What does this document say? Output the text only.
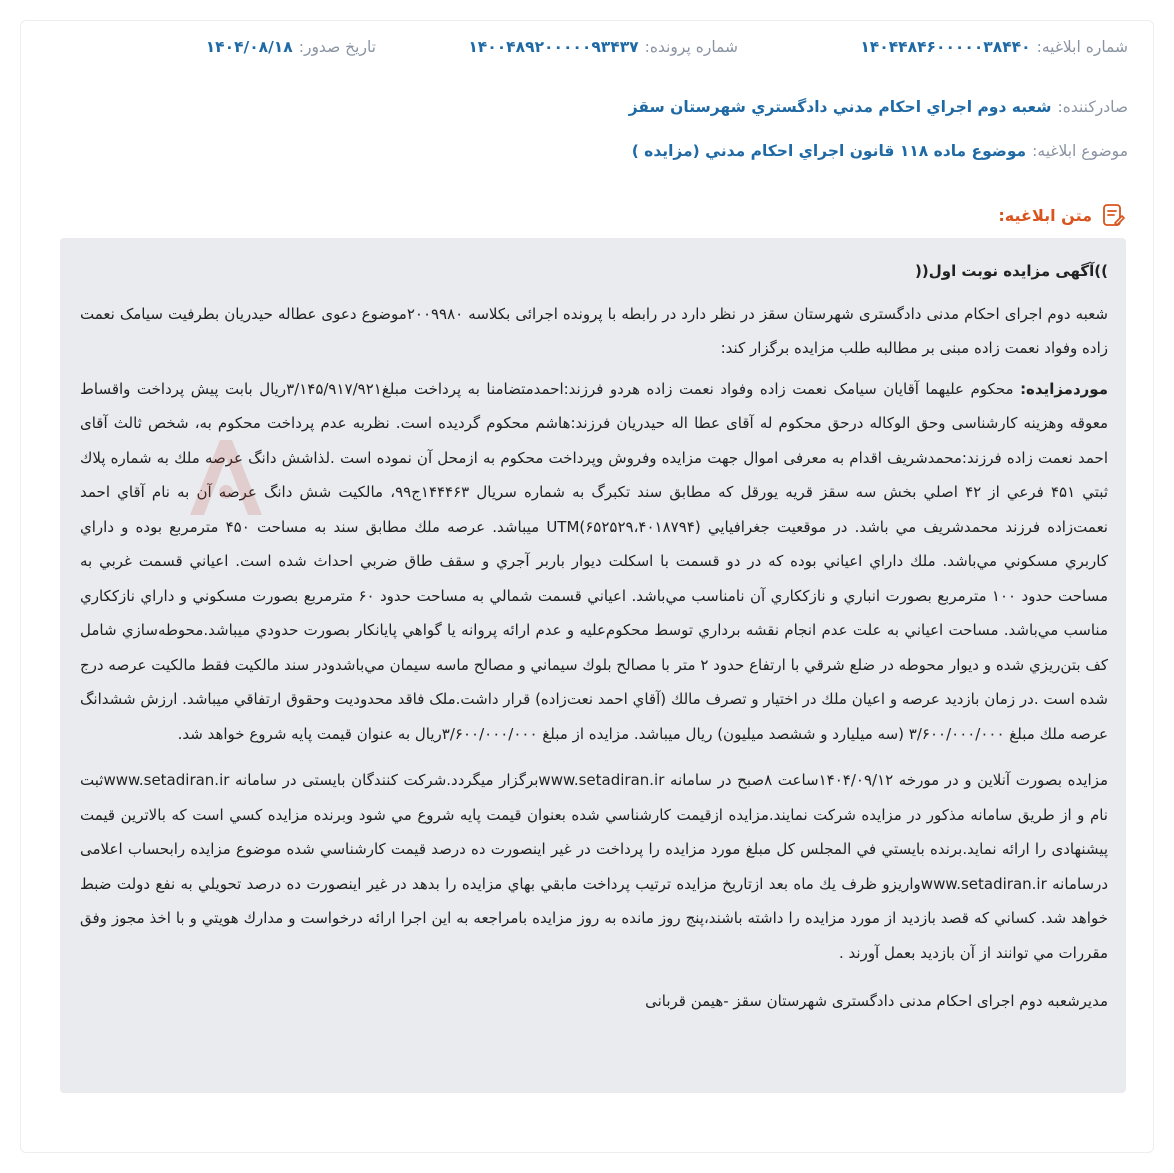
شماره ابلاغیه:۱۴۰۴۴۸۴۶۰۰۰۰۰۳۸۴۴۰
شماره پرونده:۱۴۰۰۴۸۹۲۰۰۰۰۰۹۳۴۳۷
تاریخ صدور:۱۴۰۴/۰۸/۱۸
صادرکننده:شعبه دوم اجراي احكام مدني دادگستري شهرستان سقز
موضوع ابلاغیه:موضوع ماده ۱۱۸ قانون اجراي احكام مدني (مزايده )
متن ابلاغیه:

))آگهی مزایده نوبت اول((

شعبه دوم اجرای احکام مدنی دادگستری شهرستان سقز در نظر دارد در رابطه با پرونده اجرائی بکلاسه ۲۰۰۹۹۸۰موضوع دعوی عطاله حیدریان بطرفیت سیامک نعمت زاده وفواد نعمت زاده مبنی بر مطالبه طلب مزایده برگزار کند:

موردمزایده: محکوم علیهما آقایان سیامک نعمت زاده وفواد نعمت زاده هردو فرزند:احمدمتضامنا به پرداخت مبلغ۳/۱۴۵/۹۱۷/۹۲۱ریال بابت پیش پرداخت واقساط معوقه وهزینه کارشناسی وحق الوکاله درحق محکوم له آقای عطا اله حیدریان فرزند:هاشم محکوم گردیده است. نظربه عدم پرداخت محکوم به، شخص ثالث آقای احمد نعمت زاده فرزند:محمدشریف اقدام به معرفی اموال جهت مزایده وفروش وپرداخت محکوم به ازمحل آن نموده است .لذاشش دانگ عرصه ملك به شماره پلاك ثبتي ۴۵۱ فرعي از ۴۲ اصلي بخش سه سقز قريه يورقل كه مطابق سند تكبرگ به شماره سريال ۱۴۴۴۶۳ج۹۹، مالكيت شش دانگ عرصه آن به نام آقاي احمد نعمت‌زاده فرزند محمدشريف مي باشد. در موقعيت جغرافيايي UTM(۶۵۲۵۲۹،۴۰۱۸۷۹۴) ميباشد. عرصه ملك مطابق سند به مساحت ۴۵۰ مترمربع بوده و داراي كاربري مسكوني مي‌باشد. ملك داراي اعياني بوده كه در دو قسمت با اسكلت ديوار باربر آجري و سقف طاق ضربي احداث شده است. اعياني قسمت غربي به مساحت حدود ۱۰۰ مترمربع بصورت انباري و نازككاري آن نامناسب مي‌باشد. اعياني قسمت شمالي به مساحت حدود ۶۰ مترمربع بصورت مسكوني و داراي نازككاري مناسب مي‌باشد. مساحت اعياني به علت عدم انجام نقشه برداري توسط محكوم‌عليه و عدم ارائه پروانه يا گواهي پايانكار بصورت حدودي ميباشد.محوطه‌سازي شامل كف بتن‌ريزي شده و ديوار محوطه در ضلع شرقي با ارتفاع حدود ۲ متر با مصالح بلوك سيماني و مصالح ماسه سيمان مي‌باشدودر سند مالكيت فقط مالكيت عرصه درج شده است .در زمان بازديد عرصه و اعيان ملك در اختيار و تصرف مالك (آقاي احمد نعت‌زاده) قرار داشت.ملک فاقد محدوديت وحقوق ارتفاقي ميباشد. ارزش ششدانگ عرصه ملك مبلغ ۳/۶۰۰/۰۰۰/۰۰۰ (سه ميليارد و ششصد ميليون) ريال ميباشد. مزايده از مبلغ ۳/۶۰۰/۰۰۰/۰۰۰ريال به عنوان قيمت پايه شروع خواهد شد.

مزایده بصورت آنلاین و در مورخه ۱۴۰۴/۰۹/۱۲ساعت ۸صبح در سامانه www.setadiran.irبرگزار میگردد.شرکت کنندگان بایستی در سامانه www.setadiran.irثبت نام و از طريق سامانه مذکور در مزایده شرکت نمایند.مزايده ازقيمت كارشناسي شده بعنوان قيمت پايه شروع مي شود وبرنده مزايده كسي است كه بالاترين قيمت پیشنهادی را ارائه نماید.برنده بايستي في المجلس كل مبلغ مورد مزايده را پرداخت در غیر اینصورت ده درصد قيمت كارشناسي شده موضوع مزايده رابحساب اعلامی درسامانه www.setadiran.irواريزو ظرف يك ماه بعد ازتاريخ مزايده ترتيب پرداخت مابقي بهاي مزايده را بدهد در غير اينصورت ده درصد تحويلي به نفع دولت ضبط خواهد شد. كساني كه قصد بازديد از مورد مزايده را داشته باشند،پنج روز مانده به روز مزايده بامراجعه به اين اجرا ارائه درخواست و مدارك هويتي و با اخذ مجوز وفق مقررات مي توانند از آن بازديد بعمل آورند .

مدیرشعبه دوم اجرای احکام مدنی دادگستری شهرستان سقز -هیمن قربانی
